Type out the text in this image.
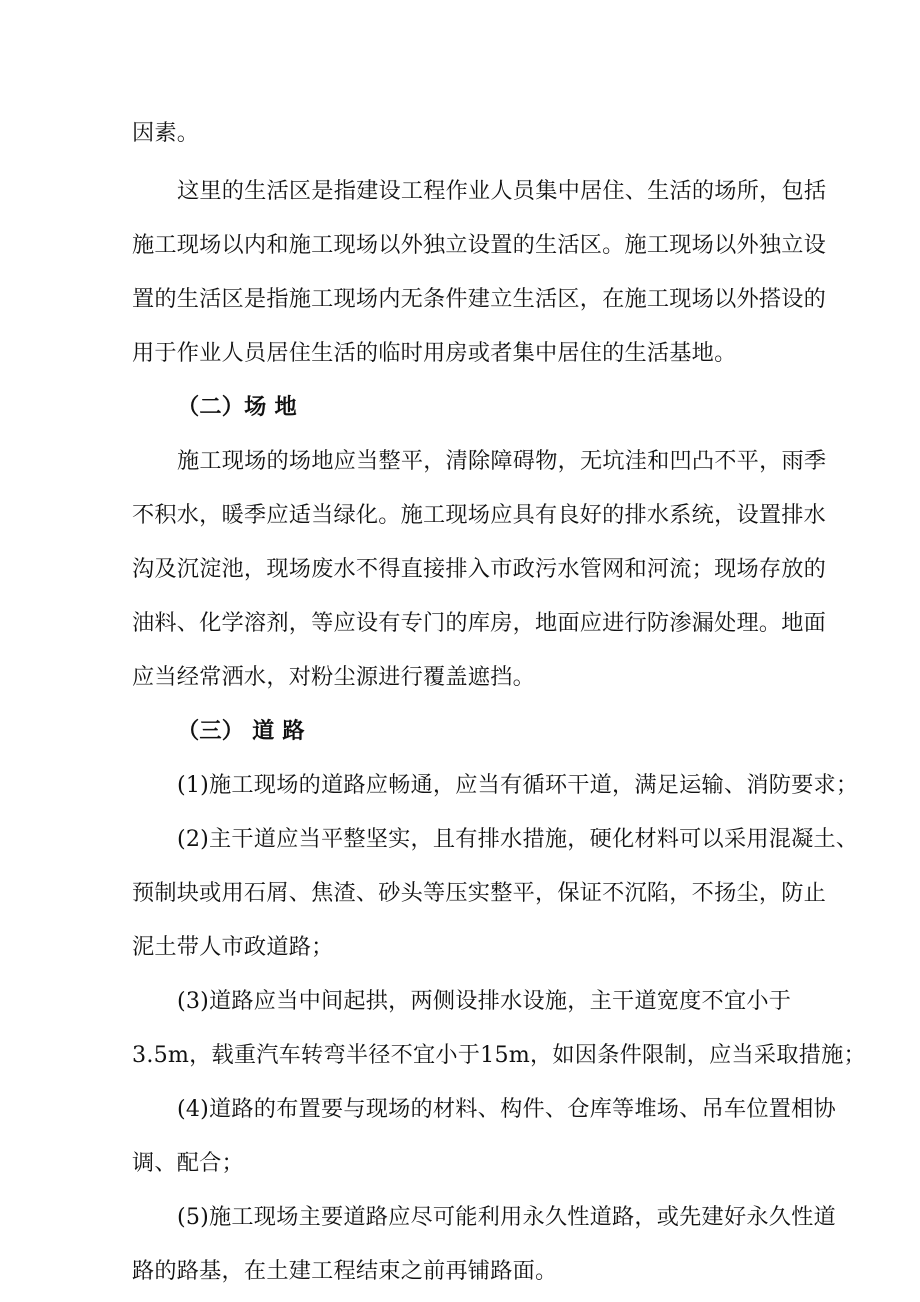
因素。

这里的生活区是指建设工程作业人员集中居住、生活的场所，包括

施工现场以内和施工现场以外独立设置的生活区。施工现场以外独立设

置的生活区是指施工现场内无条件建立生活区，在施工现场以外搭设的

用于作业人员居住生活的临时用房或者集中居住的生活基地。

（二）场 地

施工现场的场地应当整平，清除障碍物，无坑洼和凹凸不平，雨季

不积水，暖季应适当绿化。施工现场应具有良好的排水系统，设置排水

沟及沉淀池，现场废水不得直接排入市政污水管网和河流；现场存放的

油料、化学溶剂，等应设有专门的库房，地面应进行防渗漏处理。地面

应当经常洒水，对粉尘源进行覆盖遮挡。

（三） 道 路

(1)施工现场的道路应畅通，应当有循环干道，满足运输、消防要求；

(2)主干道应当平整坚实，且有排水措施，硬化材料可以采用混凝土、

预制块或用石屑、焦渣、砂头等压实整平，保证不沉陷，不扬尘，防止

泥土带人市政道路；

(3)道路应当中间起拱，两侧设排水设施，主干道宽度不宜小于

3.5m，载重汽车转弯半径不宜小于15m，如因条件限制，应当采取措施；

(4)道路的布置要与现场的材料、构件、仓库等堆场、吊车位置相协

调、配合；

(5)施工现场主要道路应尽可能利用永久性道路，或先建好永久性道

路的路基，在土建工程结束之前再铺路面。
